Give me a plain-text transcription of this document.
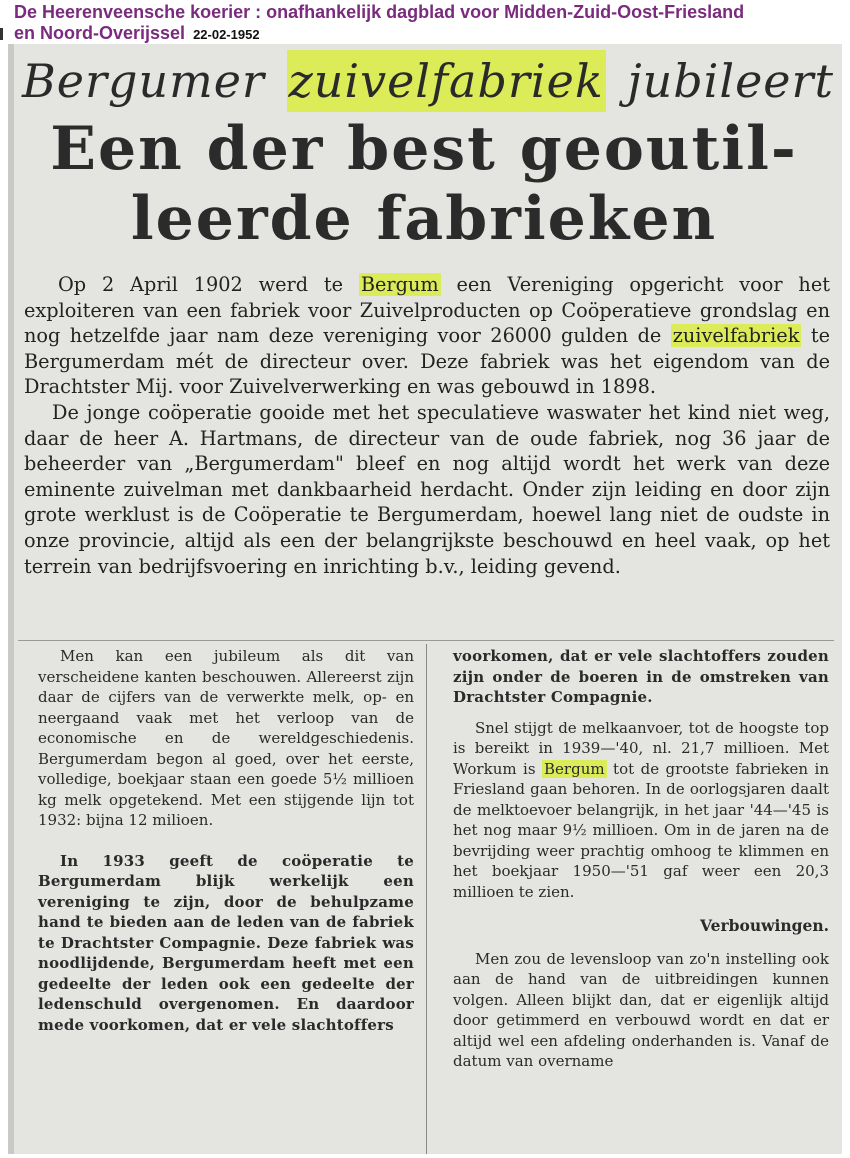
De Heerenveensche koerier : onafhankelijk dagblad voor Midden-Zuid-Oost-Friesland
en Noord-Overijssel 22-02-1952
Bergumer zuivelfabriek jubileert
Een der best geoutil-
leerde fabrieken

Op 2 April 1902 werd te Bergum een Vereniging opgericht voor het exploiteren van een fabriek voor Zuivelproducten op Coöperatieve grondslag en nog hetzelfde jaar nam deze vereniging voor 26000 gulden de zuivelfabriek te Bergumerdam mét de directeur over. Deze fabriek was het eigendom van de Drachtster Mij. voor Zuivelverwerking en was gebouwd in 1898.

De jonge coöperatie gooide met het speculatieve waswater het kind niet weg, daar de heer A. Hartmans, de directeur van de oude fabriek, nog 36 jaar de beheerder van „Bergumerdam" bleef en nog altijd wordt het werk van deze eminente zuivelman met dankbaarheid herdacht. Onder zijn leiding en door zijn grote werklust is de Coöperatie te Bergumerdam, hoewel lang niet de oudste in onze provincie, altijd als een der belangrijkste beschouwd en heel vaak, op het terrein van bedrijfsvoering en inrichting b.v., leiding gevend.

Men kan een jubileum als dit van verscheidene kanten beschouwen. Allereerst zijn daar de cijfers van de verwerkte melk, op- en neergaand vaak met het verloop van de economische en de wereldgeschiedenis. Bergumerdam begon al goed, over het eerste, volledige, boekjaar staan een goede 5½ millioen kg melk opgetekend. Met een stijgende lijn tot 1932: bijna 12 milioen.

In 1933 geeft de coöperatie te Bergumerdam blijk werkelijk een vereniging te zijn, door de behulpzame hand te bieden aan de leden van de fabriek te Drachtster Compagnie. Deze fabriek was noodlijdende, Bergumerdam heeft met een gedeelte der leden ook een gedeelte der ledenschuld overgenomen. En daardoor mede voorkomen, dat er vele slachtoffers

voorkomen, dat er vele slachtoffers zouden zijn onder de boeren in de omstreken van Drachtster Compagnie.

Snel stijgt de melkaanvoer, tot de hoogste top is bereikt in 1939—'40, nl. 21,7 millioen. Met Workum is Bergum tot de grootste fabrieken in Friesland gaan behoren. In de oorlogsjaren daalt de melktoevoer belangrijk, in het jaar '44—'45 is het nog maar 9½ millioen. Om in de jaren na de bevrijding weer prachtig omhoog te klimmen en het boekjaar 1950—'51 gaf weer een 20,3 millioen te zien.

Verbouwingen.

Men zou de levensloop van zo'n instelling ook aan de hand van de uitbreidingen kunnen volgen. Alleen blijkt dan, dat er eigenlijk altijd door getimmerd en verbouwd wordt en dat er altijd wel een afdeling onderhanden is. Vanaf de datum van overname
